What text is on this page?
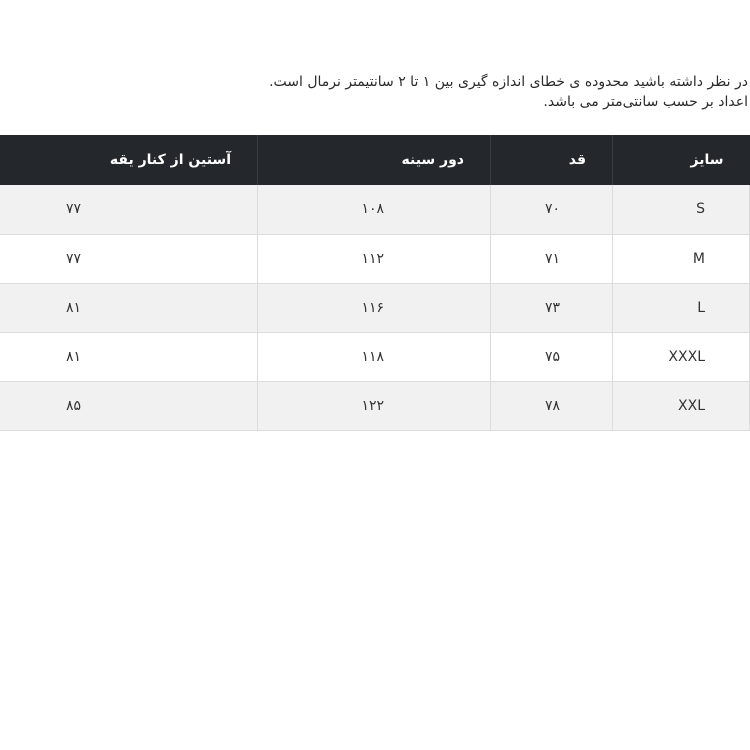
در نظر داشته باشید محدوده ی خطای اندازه گیری بین ۱ تا ۲ سانتیمتر نرمال است.
اعداد بر حسب سانتی‌متر می باشد.
سایز	قد	دور سینه	آستین از کنار یقه
S	۷۰	۱۰۸	۷۷
M	۷۱	۱۱۲	۷۷
L	۷۳	۱۱۶	۸۱
XXXL	۷۵	۱۱۸	۸۱
XXL	۷۸	۱۲۲	۸۵
